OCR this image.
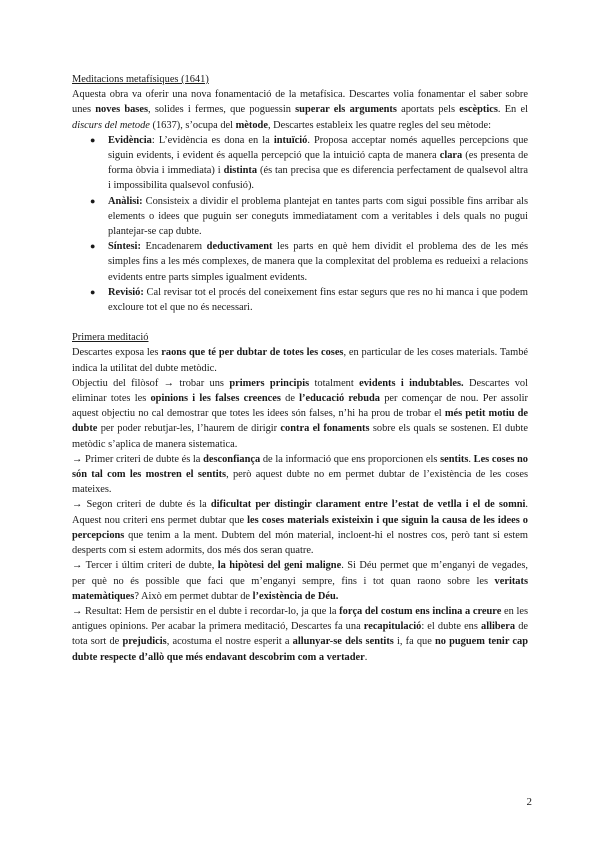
Meditacions metafísiques (1641)

Aquesta obra va oferir una nova fonamentació de la metafísica. Descartes volia fonamentar el saber sobre unes noves bases, solides i fermes, que poguessin superar els arguments aportats pels escèptics. En el discurs del metode (1637), s’ocupa del mètode, Descartes estableix les quatre regles del seu mètode:

● Evidència: L’evidència es dona en la intuïció. Proposa acceptar només aquelles percepcions que siguin evidents, i evident és aquella percepció que la intuició capta de manera clara (es presenta de forma òbvia i immediata) i distinta (és tan precisa que es diferencia perfectament de qualsevol altra i impossibilita qualsevol confusió).
● Anàlisi: Consisteix a dividir el problema plantejat en tantes parts com sigui possible fins arribar als elements o idees que puguin ser coneguts immediatament com a veritables i dels quals no pugui plantejar-se cap dubte.
● Síntesi: Encadenarem deductivament les parts en què hem dividit el problema des de les més simples fins a les més complexes, de manera que la complexitat del problema es redueixi a relacions evidents entre parts simples igualment evidents.
● Revisió: Cal revisar tot el procés del coneixement fins estar segurs que res no hi manca i que podem excloure tot el que no és necessari.

Primera meditació

Descartes exposa les raons que té per dubtar de totes les coses, en particular de les coses materials. També indica la utilitat del dubte metòdic.

Objectiu del filòsof → trobar uns primers principis totalment evidents i indubtables. Descartes vol eliminar totes les opinions i les falses creences de l’educació rebuda per començar de nou. Per assolir aquest objectiu no cal demostrar que totes les idees són falses, n’hi ha prou de trobar el més petit motiu de dubte per poder rebutjar-les, l’haurem de dirigir contra el fonaments sobre els quals se sostenen. El dubte metòdic s’aplica de manera sistematica.

→ Primer criteri de dubte és la desconfiança de la informació que ens proporcionen els sentits. Les coses no són tal com les mostren el sentits, però aquest dubte no em permet dubtar de l’existència de les coses mateixes.

→ Segon criteri de dubte és la dificultat per distingir clarament entre l’estat de vetlla i el de somni. Aquest nou criteri ens permet dubtar que les coses materials existeixin i que siguin la causa de les idees o percepcions que tenim a la ment. Dubtem del món material, incloent-hi el nostres cos, però tant si estem desperts com si estem adormits, dos més dos seran quatre.

→ Tercer i últim criteri de dubte, la hipòtesi del geni maligne. Si Déu permet que m’enganyi de vegades, per què no és possible que faci que m’enganyi sempre, fins i tot quan raono sobre les veritats matemàtiques? Això em permet dubtar de l’existència de Déu.

→ Resultat: Hem de persistir en el dubte i recordar-lo, ja que la força del costum ens inclina a creure en les antigues opinions. Per acabar la primera meditació, Descartes fa una recapitulació: el dubte ens allibera de tota sort de prejudicis, acostuma el nostre esperit a allunyar-se dels sentits i, fa que no puguem tenir cap dubte respecte d’allò que més endavant descobrim com a vertader.

2
